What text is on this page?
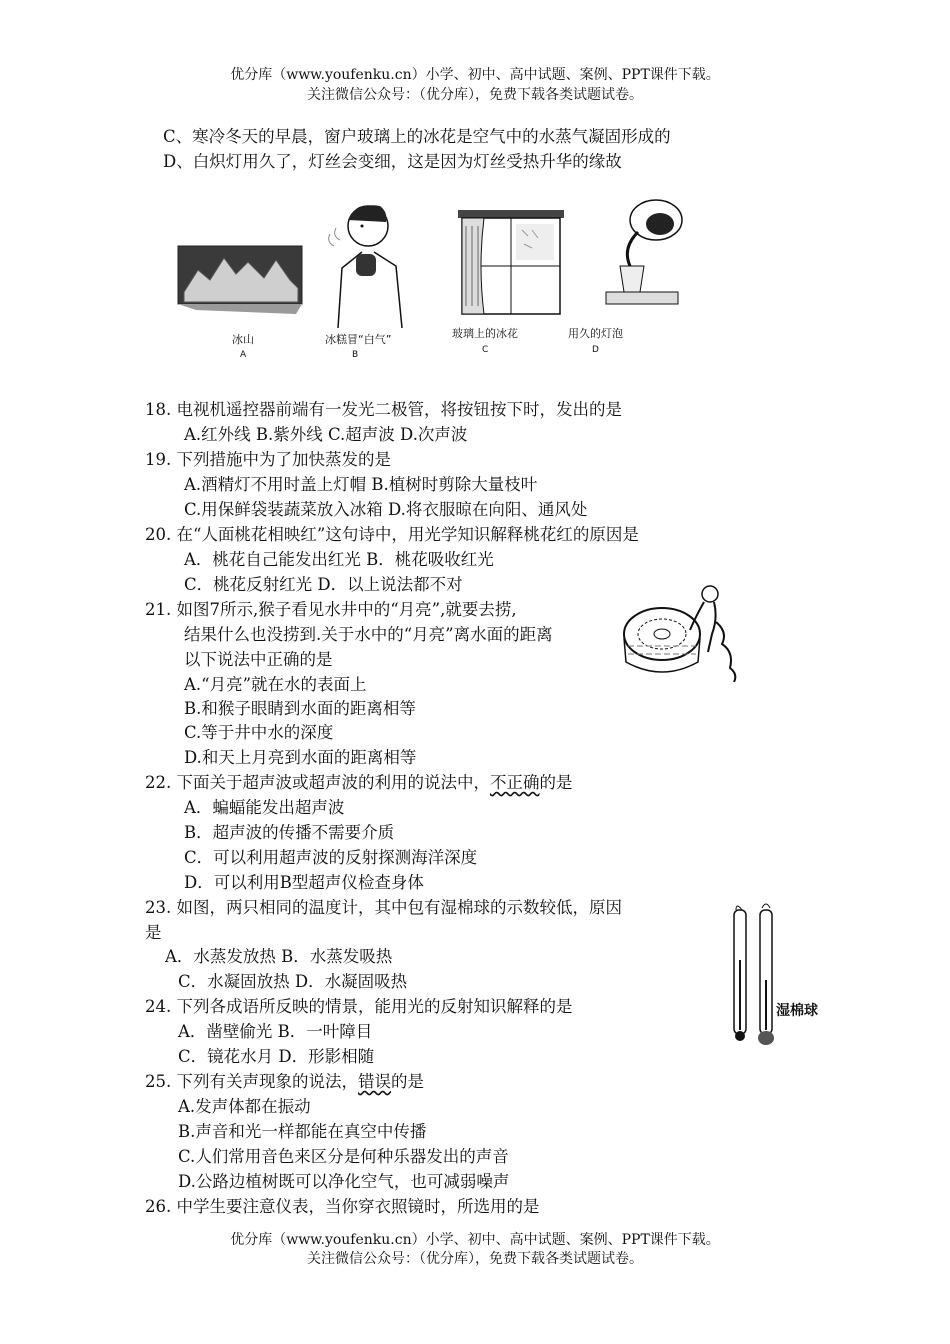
优分库（www.youfenku.cn）小学、初中、高中试题、案例、PPT课件下载。
关注微信公众号：（优分库），免费下载各类试题试卷。
C、寒冷冬天的早晨，窗户玻璃上的冰花是空气中的水蒸气凝固形成的
D、白炽灯用久了，灯丝会变细，这是因为灯丝受热升华的缘故
冰山
A
冰糕冒“白气”
B
玻璃上的冰花
C
用久的灯泡
D
18. 电视机遥控器前端有一发光二极管，将按钮按下时，发出的是
A.红外线 B.紫外线 C.超声波 D.次声波
19. 下列措施中为了加快蒸发的是
A.酒精灯不用时盖上灯帽 B.植树时剪除大量枝叶
C.用保鲜袋装蔬菜放入冰箱 D.将衣服晾在向阳、通风处
20. 在“人面桃花相映红”这句诗中，用光学知识解释桃花红的原因是
A．桃花自己能发出红光 B．桃花吸收红光
C．桃花反射红光 D．以上说法都不对
21. 如图7所示,猴子看见水井中的“月亮”,就要去捞,
结果什么也没捞到.关于水中的“月亮”离水面的距离
以下说法中正确的是
A.“月亮”就在水的表面上
B.和猴子眼睛到水面的距离相等
C.等于井中水的深度
D.和天上月亮到水面的距离相等
22. 下面关于超声波或超声波的利用的说法中，不正确的是
A．蝙蝠能发出超声波
B．超声波的传播不需要介质
C．可以利用超声波的反射探测海洋深度
D．可以利用B型超声仪检查身体
23. 如图，两只相同的温度计，其中包有湿棉球的示数较低，原因
是
A．水蒸发放热 B．水蒸发吸热
C．水凝固放热 D．水凝固吸热
湿棉球
24. 下列各成语所反映的情景，能用光的反射知识解释的是
A．凿壁偷光 B．一叶障目
C．镜花水月 D．形影相随
25. 下列有关声现象的说法，错误的是
A.发声体都在振动
B.声音和光一样都能在真空中传播
C.人们常用音色来区分是何种乐器发出的声音
D.公路边植树既可以净化空气，也可减弱噪声
26. 中学生要注意仪表，当你穿衣照镜时，所选用的是
优分库（www.youfenku.cn）小学、初中、高中试题、案例、PPT课件下载。
关注微信公众号：（优分库），免费下载各类试题试卷。
